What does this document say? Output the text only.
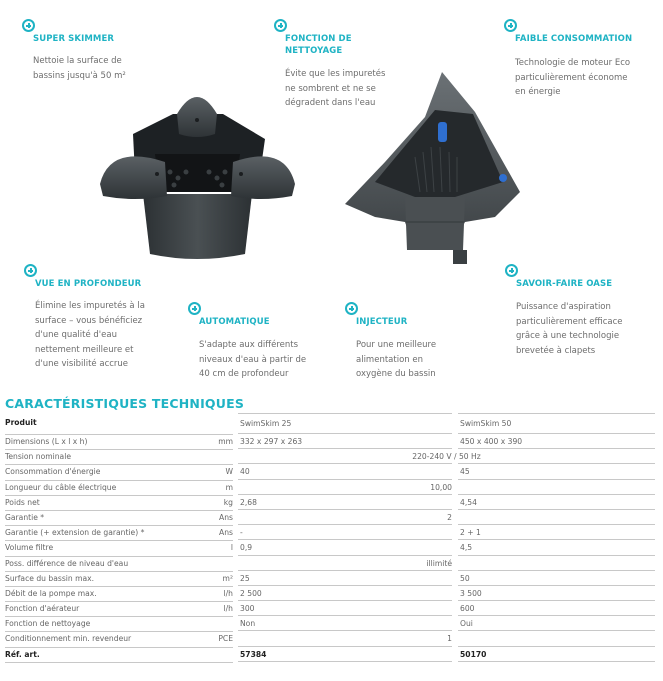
SUPER SKIMMER
Nettoie la surface de
bassins jusqu'à 50 m²
FONCTION DE
NETTOYAGE
Évite que les impuretés
ne sombrent et ne se
dégradent dans l'eau
FAIBLE CONSOMMATION
Technologie de moteur Eco
particulièrement économe
en énergie
VUE EN PROFONDEUR
Élimine les impuretés à la
surface – vous bénéficiez
d'une qualité d'eau
nettement meilleure et
d'une visibilité accrue
AUTOMATIQUE
S'adapte aux différents
niveaux d'eau à partir de
40 cm de profondeur
INJECTEUR
Pour une meilleure
alimentation en
oxygène du bassin
SAVOIR-FAIRE OASE
Puissance d'aspiration
particulièrement efficace
grâce à une technologie
brevetée à clapets
CARACTÉRISTIQUES TECHNIQUES
Produit	SwimSkim 25	SwimSkim 50
Dimensions (L x l x h)	mm 332 x 297 x 263	450 x 400 x 390
Tension nominale	220-240 V / 50 Hz
Consommation d'énergie	W 40	45
Longueur du câble électrique	m	10,00
Poids net	kg 2,68	4,54
Garantie *	Ans	2
Garantie (+ extension de garantie) *	Ans -	2 + 1
Volume filtre	l 0,9	4,5
Poss. différence de niveau d'eau	illimité
Surface du bassin max.	m² 25	50
Débit de la pompe max.	l/h 2 500	3 500
Fonction d'aérateur	l/h 300	600
Fonction de nettoyage	Non	Oui
Conditionnement min. revendeur	PCE	1
Réf. art.	57384	50170
